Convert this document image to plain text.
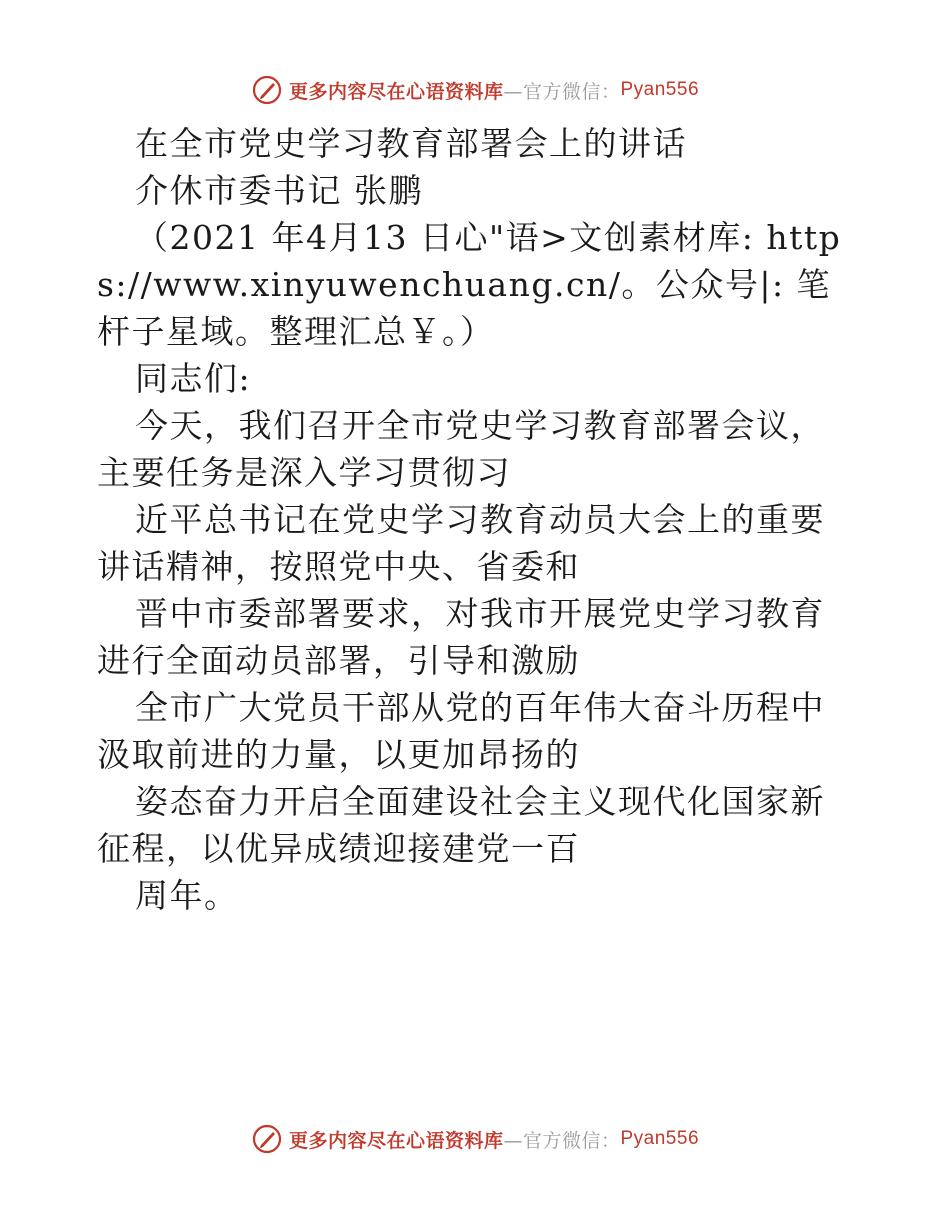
更多内容尽在心语资料库 —官方微信： Pyan556

在全市党史学习教育部署会上的讲话

介休市委书记 张鹏

（2021 年4月13 日心"语>文创素材库: https://www.xinyuwenchuang.cn/。公众号|: 笔杆子星域。整理汇总￥。）

同志们:

今天，我们召开全市党史学习教育部署会议，主要任务是深入学习贯彻习

近平总书记在党史学习教育动员大会上的重要讲话精神，按照党中央、省委和

晋中市委部署要求，对我市开展党史学习教育进行全面动员部署，引导和激励

全市广大党员干部从党的百年伟大奋斗历程中汲取前进的力量，以更加昂扬的

姿态奋力开启全面建设社会主义现代化国家新征程，以优异成绩迎接建党一百

周年。

更多内容尽在心语资料库 —官方微信： Pyan556
